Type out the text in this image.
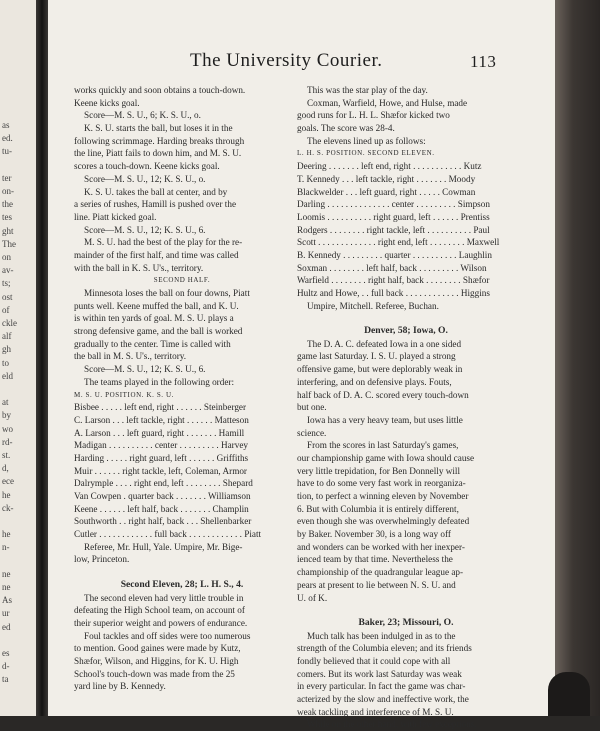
as
ed.
tu-
ter
on-
the
tes
ght
The
on
av-
ts;
ost
of
ckle
alf
gh
to
eld
at
by
wo
rd-
st.
d,
ece
he
ck-
he
n-
ne
ne
As
ur
ed
es
d-
ta
The University Courier.	113
works quickly and soon obtains a touch-down.
Keene kicks goal.
Score—M. S. U., 6; K. S. U., o.
K. S. U. starts the ball, but loses it in the
following scrimmage. Harding breaks through
the line, Piatt fails to down him, and M. S. U.
scores a touch-down. Keene kicks goal.
Score—M. S. U., 12; K. S. U., o.
K. S. U. takes the ball at center, and by
a series of rushes, Hamill is pushed over the
line. Piatt kicked goal.
Score—M. S. U., 12; K. S. U., 6.
M. S. U. had the best of the play for the re-
mainder of the first half, and time was called
with the ball in K. S. U's., territory.
SECOND HALF.
Minnesota loses the ball on four downs, Piatt
punts well. Keene muffed the ball, and K. U.
is within ten yards of goal. M. S. U. plays a
strong defensive game, and the ball is worked
gradually to the center. Time is called with
the ball in M. S. U's., territory.
Score—M. S. U., 12; K. S. U., 6.
The teams played in the following order:
M. S. U. POSITION. K. S. U.
Bisbee . . . . . left end, right . . . . . . Steinberger
C. Larson . . . left tackle, right . . . . . . Matteson
A. Larson . . . left guard, right . . . . . . . Hamill
Madigan . . . . . . . . . . center . . . . . . . . . Harvey
Harding . . . . . right guard, left . . . . . . Griffiths
Muir . . . . . . right tackle, left, Coleman, Armor
Dalrymple . . . . right end, left . . . . . . . . Shepard
Van Cowpen . quarter back . . . . . . . Williamson
Keene . . . . . . left half, back . . . . . . . Champlin
Southworth . . right half, back . . . Shellenbarker
Cutler . . . . . . . . . . . . full back . . . . . . . . . . . . Piatt
Referee, Mr. Hull, Yale. Umpire, Mr. Bige-
low, Princeton.
Second Eleven, 28; L. H. S., 4.
The second eleven had very little trouble in
defeating the High School team, on account of
their superior weight and powers of endurance.
Foul tackles and off sides were too numerous
to mention. Good gaines were made by Kutz,
Shæfor, Wilson, and Higgins, for K. U. High
School's touch-down was made from the 25
yard line by B. Kennedy.
This was the star play of the day.
Coxman, Warfield, Howe, and Hulse, made
good runs for L. H. L. Shæfor kicked two
goals. The score was 28-4.
The elevens lined up as follows:
L. H. S. POSITION. SECOND ELEVEN.
Deering . . . . . . . left end, right . . . . . . . . . . . Kutz
T. Kennedy . . . left tackle, right . . . . . . . Moody
Blackwelder . . . left guard, right . . . . . Cowman
Darling . . . . . . . . . . . . . . center . . . . . . . . . Simpson
Loomis . . . . . . . . . . right guard, left . . . . . . Prentiss
Rodgers . . . . . . . . right tackle, left . . . . . . . . . . Paul
Scott . . . . . . . . . . . . . right end, left . . . . . . . . Maxwell
B. Kennedy . . . . . . . . . quarter . . . . . . . . . . Laughlin
Soxman . . . . . . . . left half, back . . . . . . . . . Wilson
Warfield . . . . . . . . right half, back . . . . . . . . Shæfor
Hultz and Howe, . . full back . . . . . . . . . . . . Higgins
Umpire, Mitchell. Referee, Buchan.
Denver, 58; Iowa, O.
The D. A. C. defeated Iowa in a one sided
game last Saturday. I. S. U. played a strong
offensive game, but were deplorably weak in
interfering, and on defensive plays. Fouts,
half back of D. A. C. scored every touch-down
but one.
Iowa has a very heavy team, but uses little
science.
From the scores in last Saturday's games,
our championship game with Iowa should cause
very little trepidation, for Ben Donnelly will
have to do some very fast work in reorganiza-
tion, to perfect a winning eleven by November
6. But with Columbia it is entirely different,
even though she was overwhelmingly defeated
by Baker. November 30, is a long way off
and wonders can be worked with her inexper-
ienced team by that time. Nevertheless the
championship of the quadrangular league ap-
pears at present to lie between N. S. U. and
U. of K.
Baker, 23; Missouri, O.
Much talk has been indulged in as to the
strength of the Columbia eleven; and its friends
fondly believed that it could cope with all
comers. But its work last Saturday was weak
in every particular. In fact the game was char-
acterized by the slow and ineffective work, the
weak tackling and interference of M. S. U.
While on the other hand, with few exceptions,
